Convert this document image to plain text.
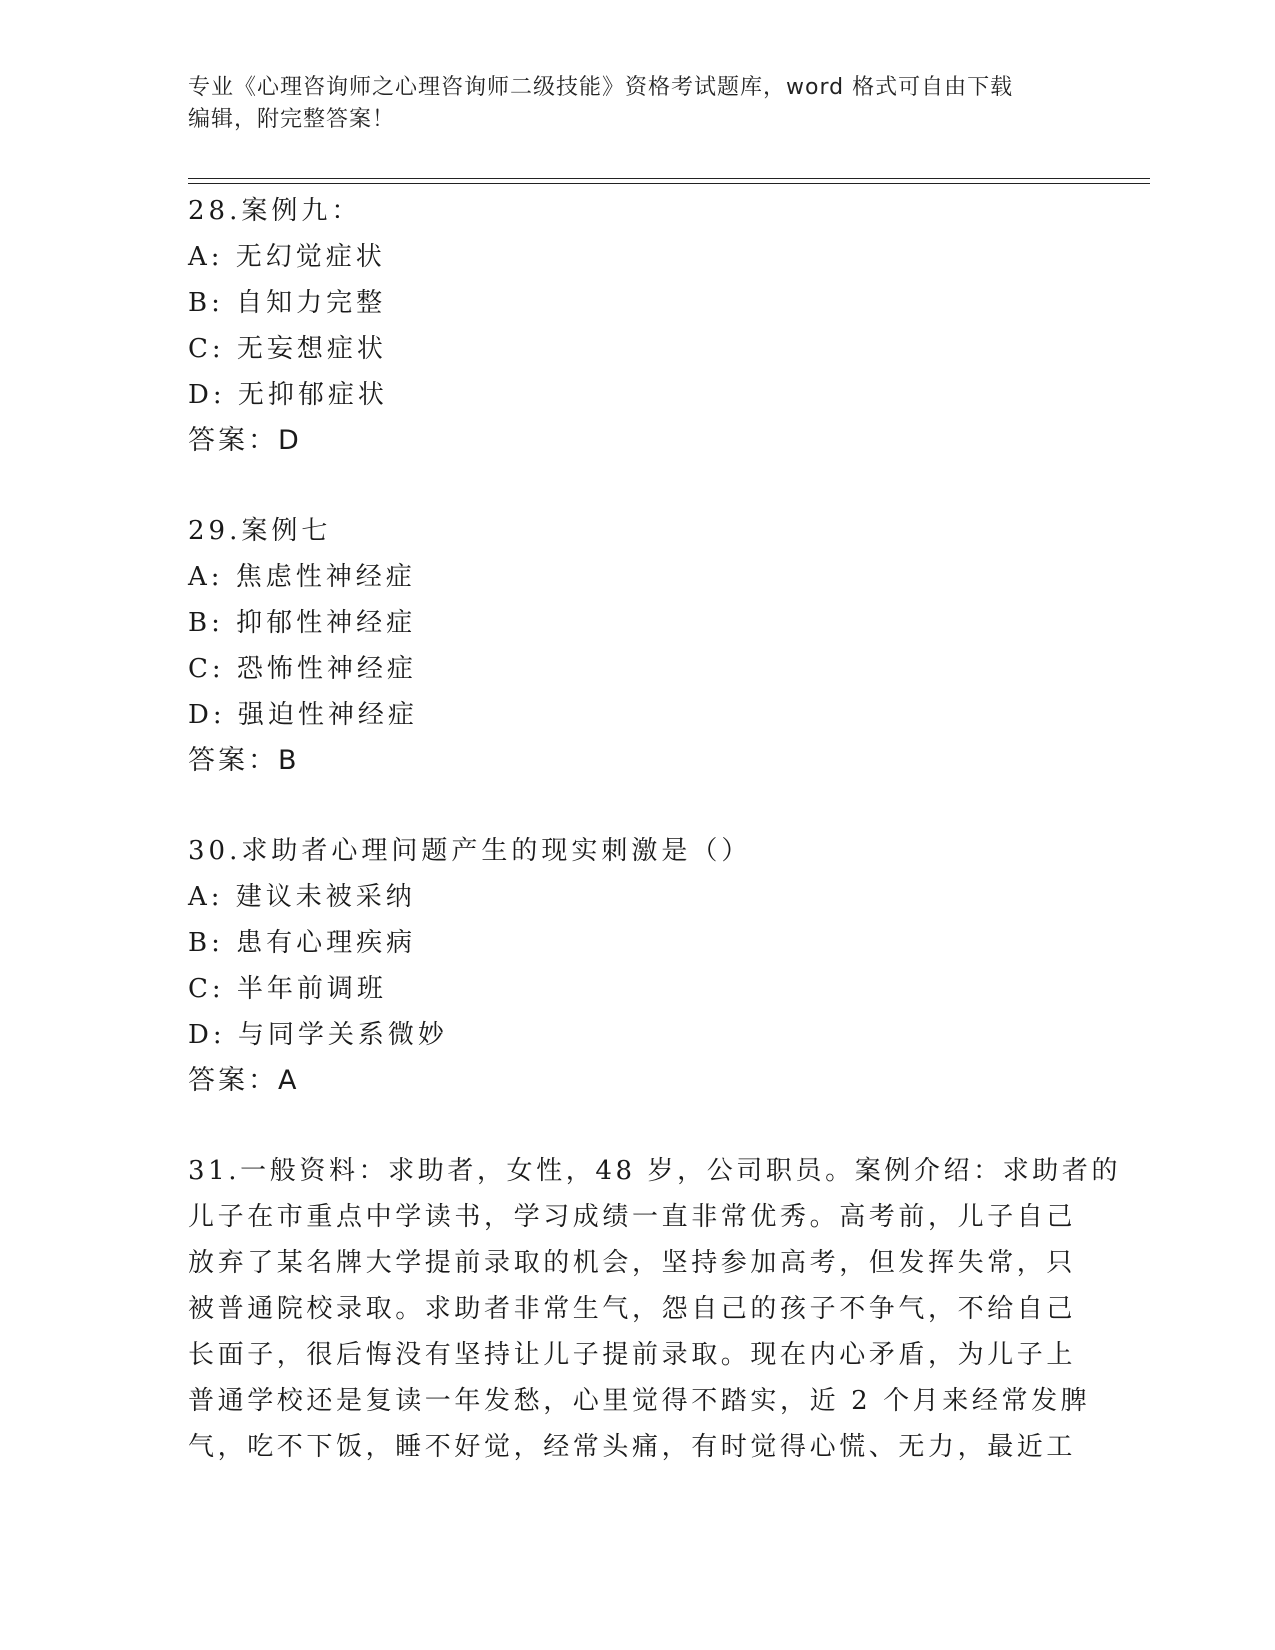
专业《心理咨询师之心理咨询师二级技能》资格考试题库，word 格式可自由下载
编辑，附完整答案！
28.案例九：
A: 无幻觉症状
B: 自知力完整
C: 无妄想症状
D: 无抑郁症状
答案：D
29.案例七
A: 焦虑性神经症
B: 抑郁性神经症
C: 恐怖性神经症
D: 强迫性神经症
答案：B
30.求助者心理问题产生的现实刺激是（）
A: 建议未被采纳
B: 患有心理疾病
C: 半年前调班
D: 与同学关系微妙
答案：A
31.一般资料：求助者，女性，48 岁，公司职员。案例介绍：求助者的
儿子在市重点中学读书，学习成绩一直非常优秀。高考前，儿子自己
放弃了某名牌大学提前录取的机会，坚持参加高考，但发挥失常，只
被普通院校录取。求助者非常生气，怨自己的孩子不争气，不给自己
长面子，很后悔没有坚持让儿子提前录取。现在内心矛盾，为儿子上
普通学校还是复读一年发愁，心里觉得不踏实，近 2 个月来经常发脾
气，吃不下饭，睡不好觉，经常头痛，有时觉得心慌、无力，最近工
